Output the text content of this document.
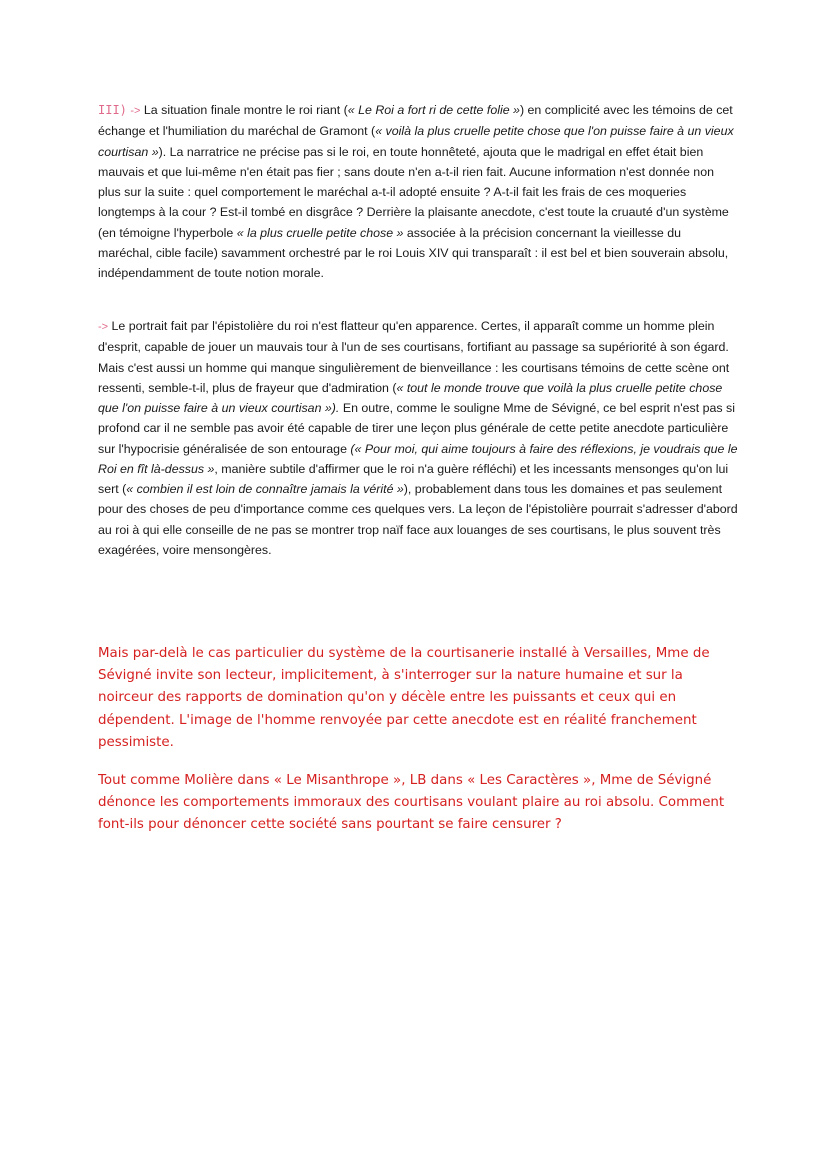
III) -> La situation finale montre le roi riant (« Le Roi a fort ri de cette folie ») en complicité avec les témoins de cet échange et l'humiliation du maréchal de Gramont (« voilà la plus cruelle petite chose que l'on puisse faire à un vieux courtisan »). La narratrice ne précise pas si le roi, en toute honnêteté, ajouta que le madrigal en effet était bien mauvais et que lui-même n'en était pas fier ; sans doute n'en a-t-il rien fait. Aucune information n'est donnée non plus sur la suite : quel comportement le maréchal a-t-il adopté ensuite ? A-t-il fait les frais de ces moqueries longtemps à la cour ? Est-il tombé en disgrâce ? Derrière la plaisante anecdote, c'est toute la cruauté d'un système (en témoigne l'hyperbole « la plus cruelle petite chose » associée à la précision concernant la vieillesse du maréchal, cible facile) savamment orchestré par le roi Louis XIV qui transparaît : il est bel et bien souverain absolu, indépendamment de toute notion morale.

-> Le portrait fait par l'épistolière du roi n'est flatteur qu'en apparence. Certes, il apparaît comme un homme plein d'esprit, capable de jouer un mauvais tour à l'un de ses courtisans, fortifiant au passage sa supériorité à son égard. Mais c'est aussi un homme qui manque singulièrement de bienveillance : les courtisans témoins de cette scène ont ressenti, semble-t-il, plus de frayeur que d'admiration (« tout le monde trouve que voilà la plus cruelle petite chose que l'on puisse faire à un vieux courtisan »). En outre, comme le souligne Mme de Sévigné, ce bel esprit n'est pas si profond car il ne semble pas avoir été capable de tirer une leçon plus générale de cette petite anecdote particulière sur l'hypocrisie généralisée de son entourage (« Pour moi, qui aime toujours à faire des réflexions, je voudrais que le Roi en fît là-dessus », manière subtile d'affirmer que le roi n'a guère réfléchi) et les incessants mensonges qu'on lui sert (« combien il est loin de connaître jamais la vérité »), probablement dans tous les domaines et pas seulement pour des choses de peu d'importance comme ces quelques vers. La leçon de l'épistolière pourrait s'adresser d'abord au roi à qui elle conseille de ne pas se montrer trop naïf face aux louanges de ses courtisans, le plus souvent très exagérées, voire mensongères.

Mais par-delà le cas particulier du système de la courtisanerie installé à Versailles, Mme de Sévigné invite son lecteur, implicitement, à s'interroger sur la nature humaine et sur la noirceur des rapports de domination qu'on y décèle entre les puissants et ceux qui en dépendent. L'image de l'homme renvoyée par cette anecdote est en réalité franchement pessimiste.

Tout comme Molière dans « Le Misanthrope », LB dans « Les Caractères », Mme de Sévigné dénonce les comportements immoraux des courtisans voulant plaire au roi absolu. Comment font-ils pour dénoncer cette société sans pourtant se faire censurer ?
